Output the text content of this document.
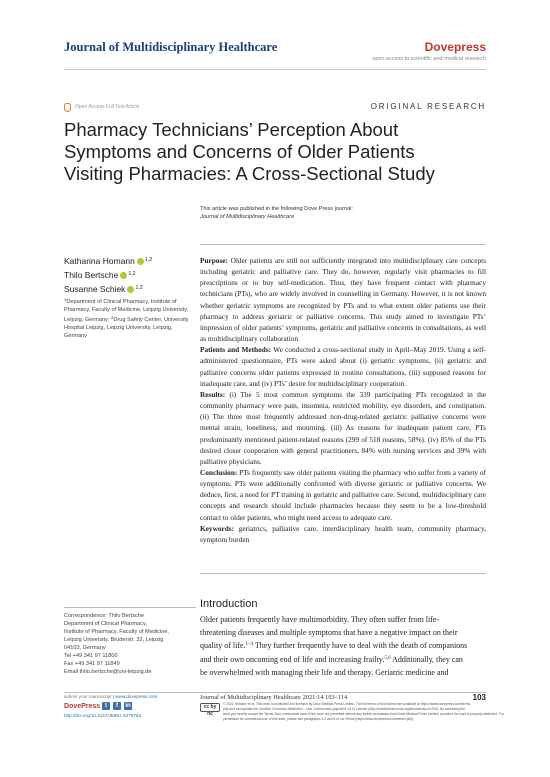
Journal of Multidisciplinary Healthcare	Dovepress
open access to scientific and medical research
Open Access Full Text Article	ORIGINAL RESEARCH
Pharmacy Technicians’ Perception About
Symptoms and Concerns of Older Patients
Visiting Pharmacies: A Cross-Sectional Study
This article was published in the following Dove Press journal:
Journal of Multidisciplinary Healthcare
Katharina Homann $^{1,2}$
Thilo Bertsche $^{1,2}$
Susanne Schiek $^{1,2}$
$^1$Department of Clinical Pharmacy, Institute of Pharmacy, Faculty of Medicine, Leipzig University, Leipzig, Germany; $^2$Drug Safety Center, University Hospital Leipzig, Leipzig University, Leipzig, Germany

Purpose: Older patients are still not sufficiently integrated into multidisciplinary care concepts including geriatric and palliative care. They do, however, regularly visit pharmacies to fill prescriptions or to buy self-medication. Thus, they have frequent contact with pharmacy technicians (PTs), who are widely involved in counselling in Germany. However, it is not known whether geriatric symptoms are recognized by PTs and to what extent older patients use their pharmacy to address geriatric or palliative concerns. This study aimed to investigate PTs’ impression of older patients’ symptoms, geriatric and palliative concerns in consultations, as well as multidisciplinary collaboration.

Patients and Methods: We conducted a cross-sectional study in April–May 2019. Using a self-administered questionnaire, PTs were asked about (i) geriatric symptoms, (ii) geriatric and palliative concerns older patients expressed in routine consultations, (iii) supposed reasons for inadequate care, and (iv) PTs’ desire for multidisciplinary cooperation.

Results: (i) The 5 most common symptoms the 339 participating PTs recognized in the community pharmacy were pain, insomnia, restricted mobility, eye disorders, and constipation. (ii) The three most frequently addressed non-drug-related geriatric palliative concerns were mental strain, loneliness, and mourning. (iii) As reasons for inadequate patient care, PTs predominantly mentioned patient-related reasons (299 of 518 reasons, 58%). (iv) 85% of the PTs desired closer cooperation with general practitioners, 84% with nursing services and 39% with palliative physicians.

Conclusion: PTs frequently saw older patients visiting the pharmacy who suffer from a variety of symptoms. PTs were additionally confronted with diverse geriatric or palliative concerns. We deduce, first, a need for PT training in geriatric and palliative care. Second, multidisciplinary care concepts and research should include pharmacies because they seem to be a low-threshold contact to older patients, who might need access to adequate care.

Keywords: geriatrics, palliative care, interdisciplinary health team, community pharmacy, symptom burden

Introduction
Older patients frequently have multimorbidity. They often suffer from life-
threatening diseases and multiple symptoms that have a negative impact on their
quality of life.$^{1-4}$ They further frequently have to deal with the death of companions
and their own oncoming end of life and increasing frailty.$^{5,6}$ Additionally, they can
be overwhelmed with managing their life and therapy. Geriatric medicine and
Correspondence: Thilo Bertsche
Department of Clinical Pharmacy,
Institute of Pharmacy, Faculty of Medicine,
Leipzig University, Brüderstr. 32, Leipzig
04103, Germany
Tel +49 341 97 11800
Fax +49 341 97 11849
Email thilo.bertsche@uni-leipzig.de
submit your manuscript | www.dovepress.com
DovePress t	f	in
http://doi.org/10.2147/JMDH.S279763
Journal of Multidisciplinary Healthcare 2021:14 103–114	103
cc by nc
© 2021 Homann et al. This work is published and licensed by Dove Medical Press Limited. The full terms of this license are available at https://www.dovepress.com/terms.
php and incorporate the Creative Commons Attribution – Non Commercial (unported, v3.0) License (http://creativecommons.org/licenses/by-nc/3.0/). By accessing the
work you hereby accept the Terms. Non-commercial uses of the work are permitted without any further permission from Dove Medical Press Limited, provided the work is properly attributed. For
permission for commercial use of this work, please see paragraphs 4.2 and 5 of our Terms (https://www.dovepress.com/terms.php).
